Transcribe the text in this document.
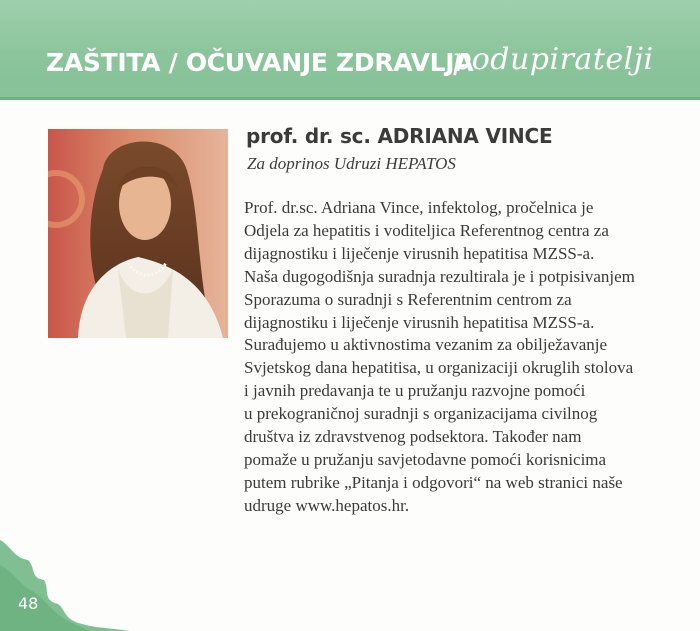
ZAŠTITA / OČUVANJE ZDRAVLJA
podupiratelji
prof. dr. sc. ADRIANA VINCE
Za doprinos Udruzi HEPATOS
Prof. dr.sc. Adriana Vince, infektolog, pročelnica je
Odjela za hepatitis i voditeljica Referentnog centra za
dijagnostiku i liječenje virusnih hepatitisa MZSS-a.
Naša dugogodišnja suradnja rezultirala je i potpisivanjem
Sporazuma o suradnji s Referentnim centrom za
dijagnostiku i liječenje virusnih hepatitisa MZSS-a.
Surađujemo u aktivnostima vezanim za obilježavanje
Svjetskog dana hepatitisa, u organizaciji okruglih stolova
i javnih predavanja te u pružanju razvojne pomoći
u prekograničnoj suradnji s organizacijama civilnog
društva iz zdravstvenog podsektora. Također nam
pomaže u pružanju savjetodavne pomoći korisnicima
putem rubrike „Pitanja i odgovori“ na web stranici naše
udruge www.hepatos.hr.
48
